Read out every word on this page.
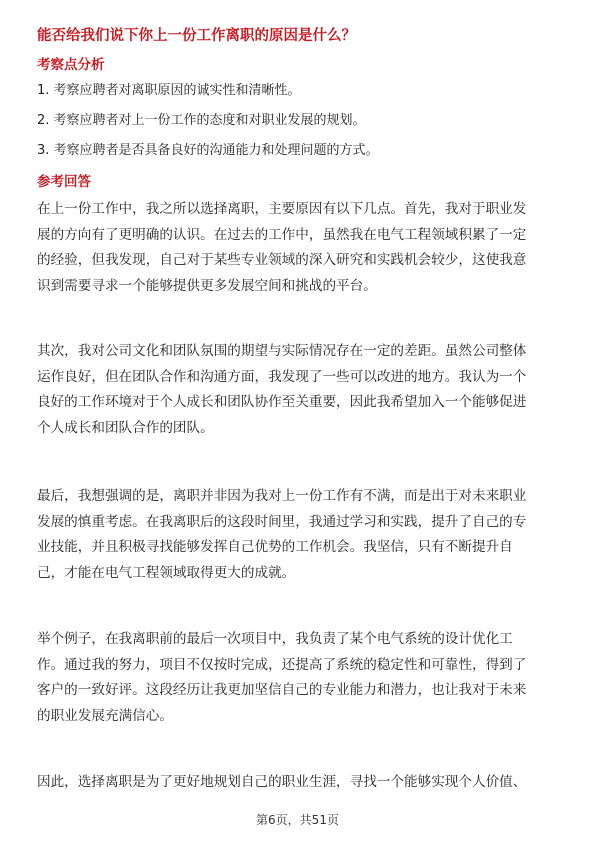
能否给我们说下你上一份工作离职的原因是什么？
考察点分析
1. 考察应聘者对离职原因的诚实性和清晰性。
2. 考察应聘者对上一份工作的态度和对职业发展的规划。
3. 考察应聘者是否具备良好的沟通能力和处理问题的方式。
参考回答
在上一份工作中，我之所以选择离职，主要原因有以下几点。首先，我对于职业发
展的方向有了更明确的认识。在过去的工作中，虽然我在电气工程领域积累了一定
的经验，但我发现，自己对于某些专业领域的深入研究和实践机会较少，这使我意
识到需要寻求一个能够提供更多发展空间和挑战的平台。
其次，我对公司文化和团队氛围的期望与实际情况存在一定的差距。虽然公司整体
运作良好，但在团队合作和沟通方面，我发现了一些可以改进的地方。我认为一个
良好的工作环境对于个人成长和团队协作至关重要，因此我希望加入一个能够促进
个人成长和团队合作的团队。
最后，我想强调的是，离职并非因为我对上一份工作有不满，而是出于对未来职业
发展的慎重考虑。在我离职后的这段时间里，我通过学习和实践，提升了自己的专
业技能，并且积极寻找能够发挥自己优势的工作机会。我坚信，只有不断提升自
己，才能在电气工程领域取得更大的成就。
举个例子，在我离职前的最后一次项目中，我负责了某个电气系统的设计优化工
作。通过我的努力，项目不仅按时完成，还提高了系统的稳定性和可靠性，得到了
客户的一致好评。这段经历让我更加坚信自己的专业能力和潜力，也让我对于未来
的职业发展充满信心。
因此，选择离职是为了更好地规划自己的职业生涯，寻找一个能够实现个人价值、
第6页，共51页
